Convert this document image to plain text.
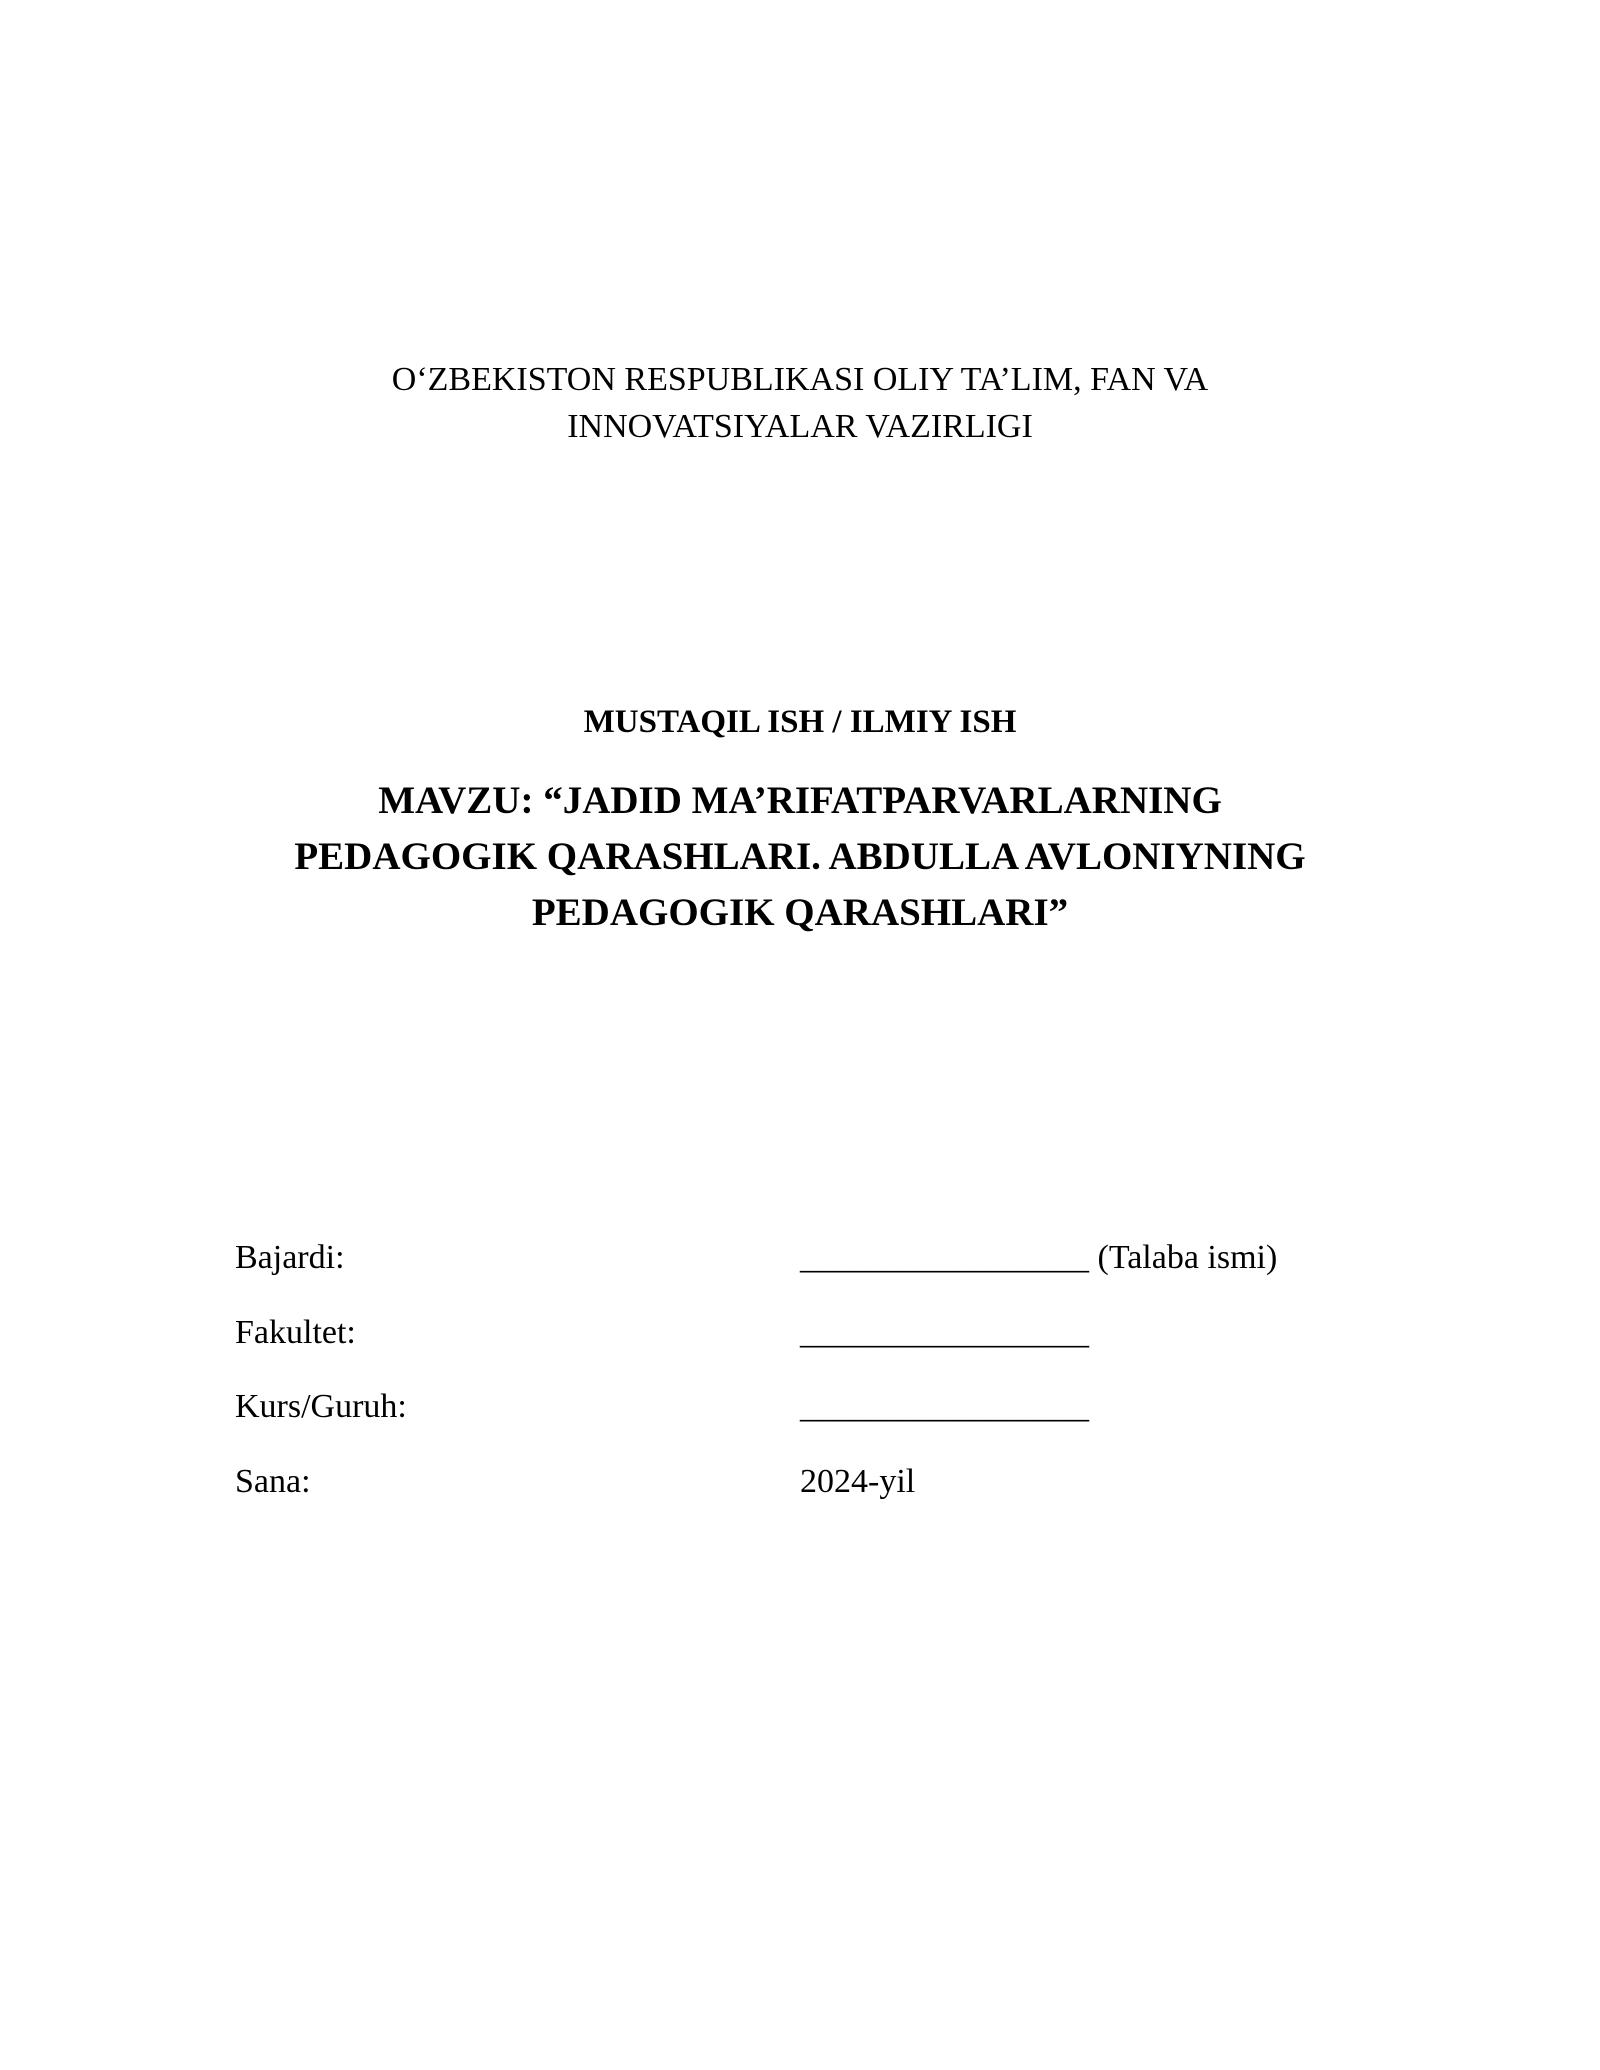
O‘ZBEKISTON RESPUBLIKASI OLIY TA’LIM, FAN VA

INNOVATSIYALAR VAZIRLIGI

MUSTAQIL ISH / ILMIY ISH

MAVZU: “JADID MA’RIFATPARVARLARNING

PEDAGOGIK QARASHLARI. ABDULLA AVLONIYNING

PEDAGOGIK QARASHLARI”

Bajardi:	_________________ (Talaba ismi)
Fakultet:	_________________
Kurs/Guruh:	_________________
Sana:	2024-yil
